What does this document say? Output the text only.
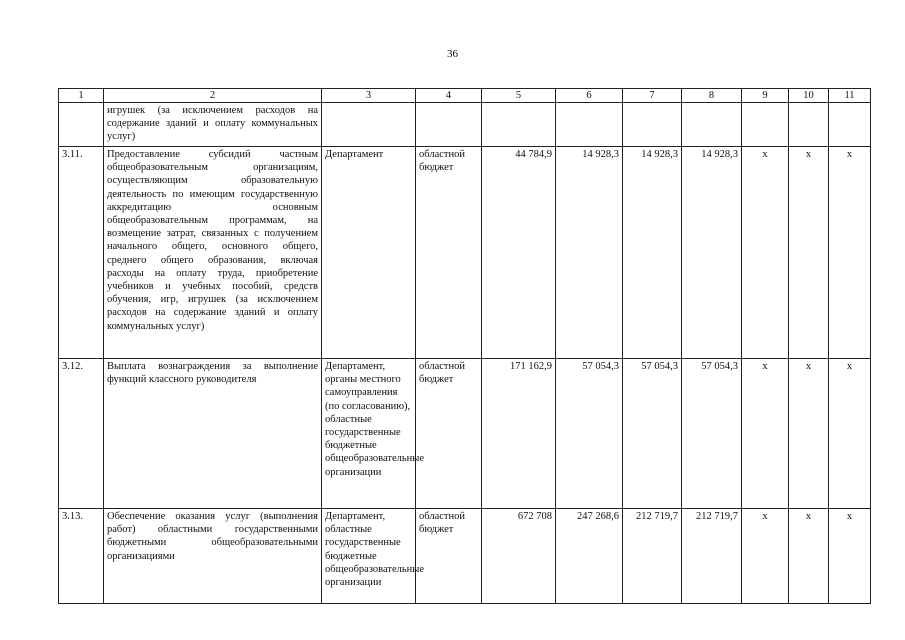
36
1	2	3	4	5	6	7	8	9	10	11
	игрушек (за исключением расходов на содержание зданий и оплату коммунальных услуг)									
3.11.	Предоставление субсидий частным общеобразовательным организациям, осуществляющим образовательную деятельность по имеющим государственную аккредитацию основным общеобразовательным программам, на возмещение затрат, связанных с получением начального общего, основного общего, среднего общего образования, включая расходы на оплату труда, приобретение учебников и учебных пособий, средств обучения, игр, игрушек (за исключением расходов на содержание зданий и оплату коммунальных услуг)	Департамент	областной бюджет	44 784,9	14 928,3	14 928,3	14 928,3	х	х	х
3.12.	Выплата вознаграждения за выполнение функций классного руководителя	Департамент, органы местного самоуправления (по согласованию), областные государственные бюджетные общеобразовательные организации	областной бюджет	171 162,9	57 054,3	57 054,3	57 054,3	х	х	х
3.13.	Обеспечение оказания услуг (выполнения работ) областными государственными бюджетными общеобразовательными организациями	Департамент, областные государственные бюджетные общеобразовательные организации	областной бюджет	672 708	247 268,6	212 719,7	212 719,7	х	х	х
